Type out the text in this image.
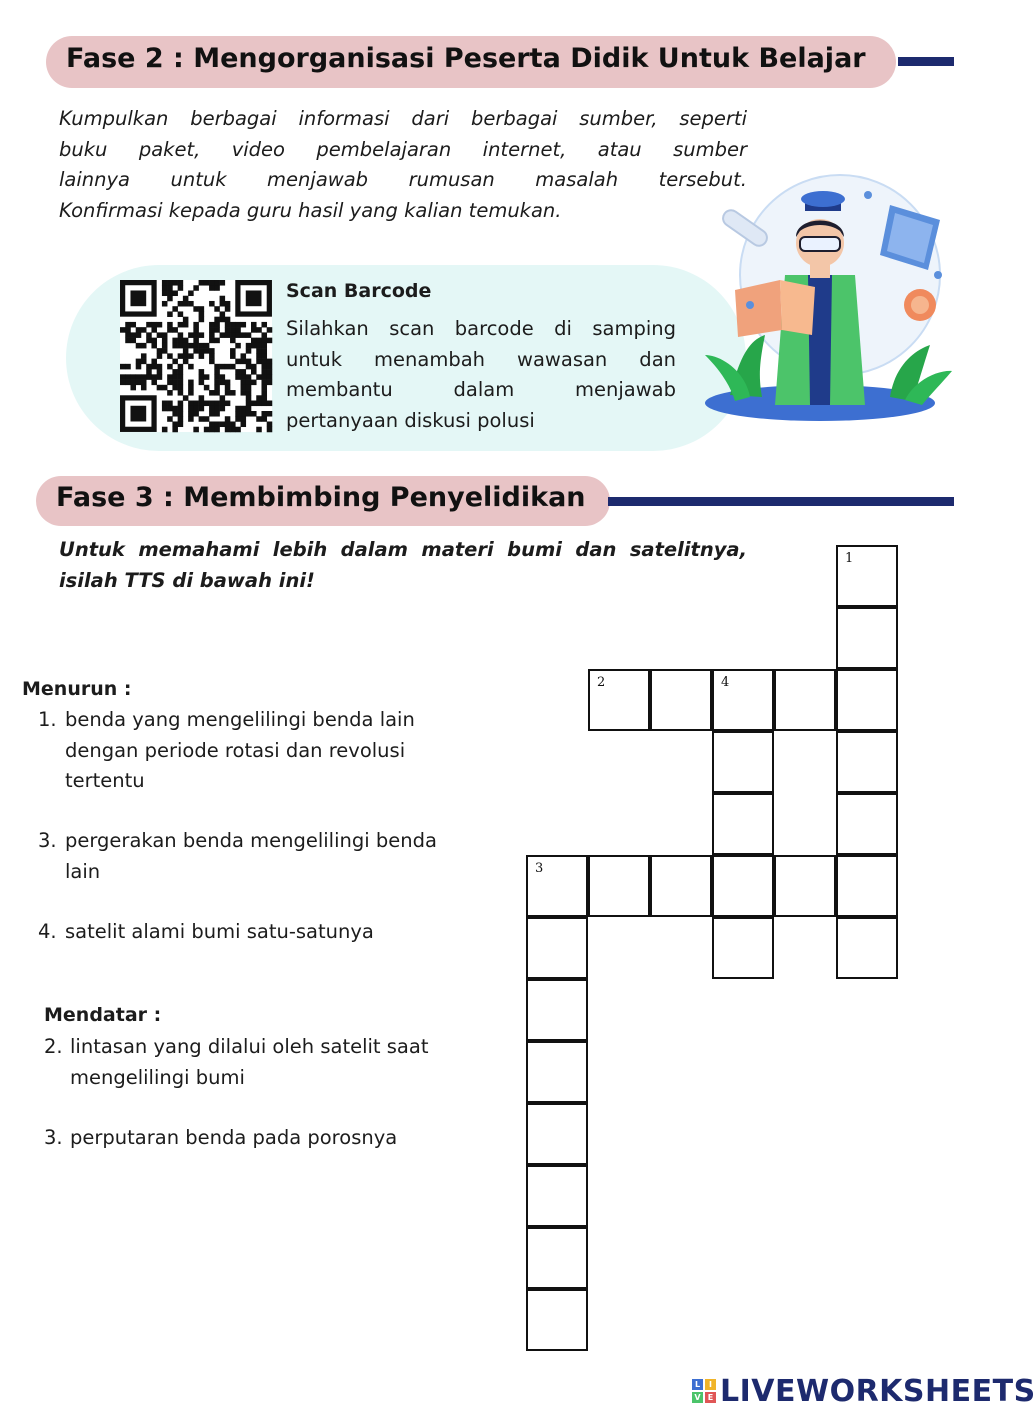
Fase 2 : Mengorganisasi Peserta Didik Untuk Belajar
Kumpulkan berbagai informasi dari berbagai sumber, seperti
buku paket, video pembelajaran internet, atau sumber
lainnya untuk menjawab rumusan masalah tersebut.
Konfirmasi kepada guru hasil yang kalian temukan.
Scan Barcode
Silahkan scan barcode di samping
untuk menambah wawasan dan
membantu dalam menjawab
pertanyaan diskusi polusi
Fase 3 : Membimbing Penyelidikan
Untuk memahami lebih dalam materi bumi dan satelitnya,
isilah TTS di bawah ini!
Menurun :
1. benda yang mengelilingi benda lain
dengan periode rotasi dan revolusi
tertentu
3. pergerakan benda mengelilingi benda
lain
4. satelit alami bumi satu-satunya
Mendatar :
2. lintasan yang dilalui oleh satelit saat
mengelilingi bumi
3. perputaran benda pada porosnya
1
2	4
3
L	I
V E LIVEWORKSHEETS
